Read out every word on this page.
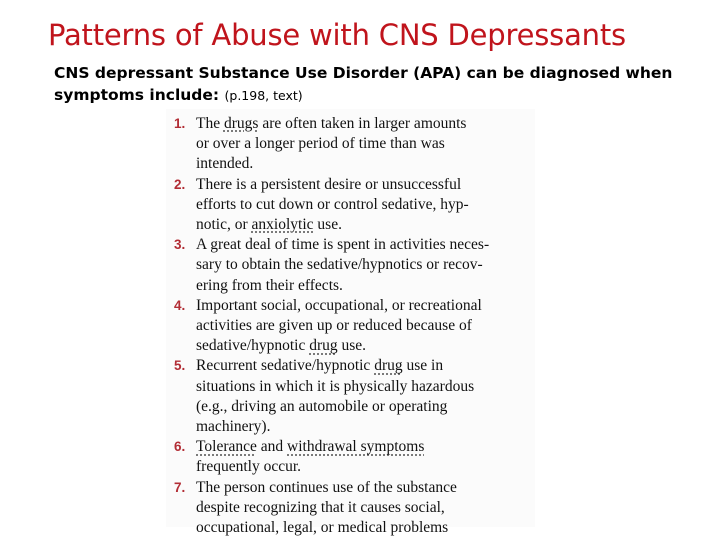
Patterns of Abuse with CNS Depressants

CNS depressant Substance Use Disorder (APA) can be diagnosed when symptoms include: (p.198, text)

1. The drugs are often taken in larger amounts
or over a longer period of time than was
intended.
2. There is a persistent desire or unsuccessful
efforts to cut down or control sedative, hyp-
notic, or anxiolytic use.
3. A great deal of time is spent in activities neces-
sary to obtain the sedative/hypnotics or recov-
ering from their effects.
4. Important social, occupational, or recreational
activities are given up or reduced because of
sedative/hypnotic drug use.
5. Recurrent sedative/hypnotic drug use in
situations in which it is physically hazardous
(e.g., driving an automobile or operating
machinery).
6. Tolerance and withdrawal symptoms
frequently occur.
7. The person continues use of the substance
despite recognizing that it causes social,
occupational, legal, or medical problems
